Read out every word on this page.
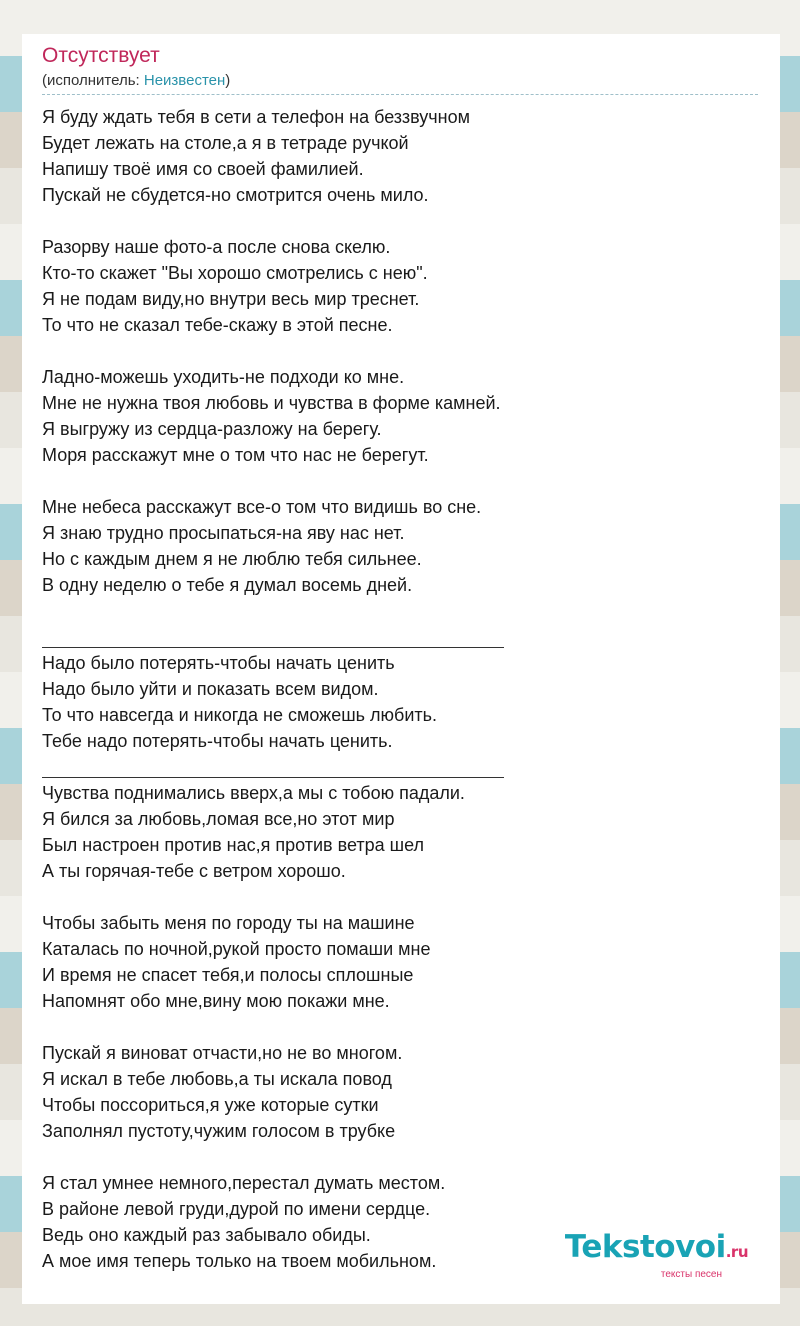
Отсутствует
(исполнитель: Неизвестен)
Я буду ждать тебя в сети а телефон на беззвучном
Будет лежать на столе,а я в тетраде ручкой
Напишу твоё имя со своей фамилией.
Пускай не сбудется-но смотрится очень мило.
Разорву наше фото-а после снова скелю.
Кто-то скажет "Вы хорошо смотрелись с нею".
Я не подам виду,но внутри весь мир треснет.
То что не сказал тебе-скажу в этой песне.
Ладно-можешь уходить-не подходи ко мне.
Мне не нужна твоя любовь и чувства в форме камней.
Я выгружу из сердца-разложу на берегу.
Моря расскажут мне о том что нас не берегут.
Мне небеса расскажут все-о том что видишь во сне.
Я знаю трудно просыпаться-на яву нас нет.
Но с каждым днем я не люблю тебя сильнее.
В одну неделю о тебе я думал восемь дней.
Надо было потерять-чтобы начать ценить
Надо было уйти и показать всем видом.
То что навсегда и никогда не сможешь любить.
Тебе надо потерять-чтобы начать ценить.
Чувства поднимались вверх,а мы с тобою падали.
Я бился за любовь,ломая все,но этот мир
Был настроен против нас,я против ветра шел
А ты горячая-тебе с ветром хорошо.
Чтобы забыть меня по городу ты на машине
Каталась по ночной,рукой просто помаши мне
И время не спасет тебя,и полосы сплошные
Напомнят обо мне,вину мою покажи мне.
Пускай я виноват отчасти,но не во многом.
Я искал в тебе любовь,а ты искала повод
Чтобы поссориться,я уже которые сутки
Заполнял пустоту,чужим голосом в трубке
Я стал умнее немного,перестал думать местом.
В районе левой груди,дурой по имени сердце.
Ведь оно каждый раз забывало обиды.
А мое имя теперь только на твоем мобильном.	Tekstovoi.ru
тексты песен
